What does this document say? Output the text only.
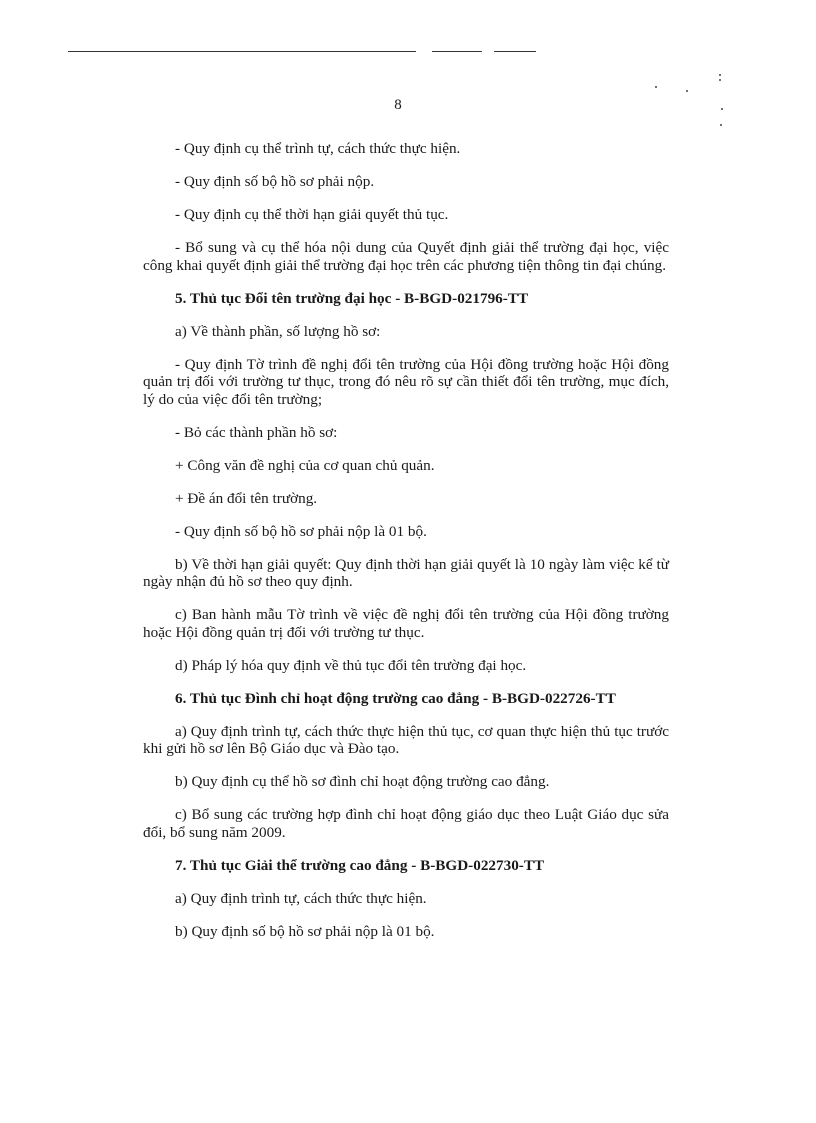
8

- Quy định cụ thể trình tự, cách thức thực hiện.

- Quy định số bộ hồ sơ phải nộp.

- Quy định cụ thể thời hạn giải quyết thủ tục.

- Bổ sung và cụ thể hóa nội dung của Quyết định giải thể trường đại học, việc công khai quyết định giải thể trường đại học trên các phương tiện thông tin đại chúng.

5. Thủ tục Đổi tên trường đại học - B-BGD-021796-TT

a) Về thành phần, số lượng hồ sơ:

- Quy định Tờ trình đề nghị đổi tên trường của Hội đồng trường hoặc Hội đồng quản trị đối với trường tư thục, trong đó nêu rõ sự cần thiết đổi tên trường, mục đích, lý do của việc đổi tên trường;

- Bỏ các thành phần hồ sơ:

+ Công văn đề nghị của cơ quan chủ quản.

+ Đề án đổi tên trường.

- Quy định số bộ hồ sơ phải nộp là 01 bộ.

b) Về thời hạn giải quyết: Quy định thời hạn giải quyết là 10 ngày làm việc kể từ ngày nhận đủ hồ sơ theo quy định.

c) Ban hành mẫu Tờ trình về việc đề nghị đổi tên trường của Hội đồng trường hoặc Hội đồng quản trị đối với trường tư thục.

d) Pháp lý hóa quy định về thủ tục đổi tên trường đại học.

6. Thủ tục Đình chỉ hoạt động trường cao đẳng - B-BGD-022726-TT

a) Quy định trình tự, cách thức thực hiện thủ tục, cơ quan thực hiện thủ tục trước khi gửi hồ sơ lên Bộ Giáo dục và Đào tạo.

b) Quy định cụ thể hồ sơ đình chỉ hoạt động trường cao đẳng.

c) Bổ sung các trường hợp đình chỉ hoạt động giáo dục theo Luật Giáo dục sửa đổi, bổ sung năm 2009.

7. Thủ tục Giải thể trường cao đẳng - B-BGD-022730-TT

a) Quy định trình tự, cách thức thực hiện.

b) Quy định số bộ hồ sơ phải nộp là 01 bộ.
